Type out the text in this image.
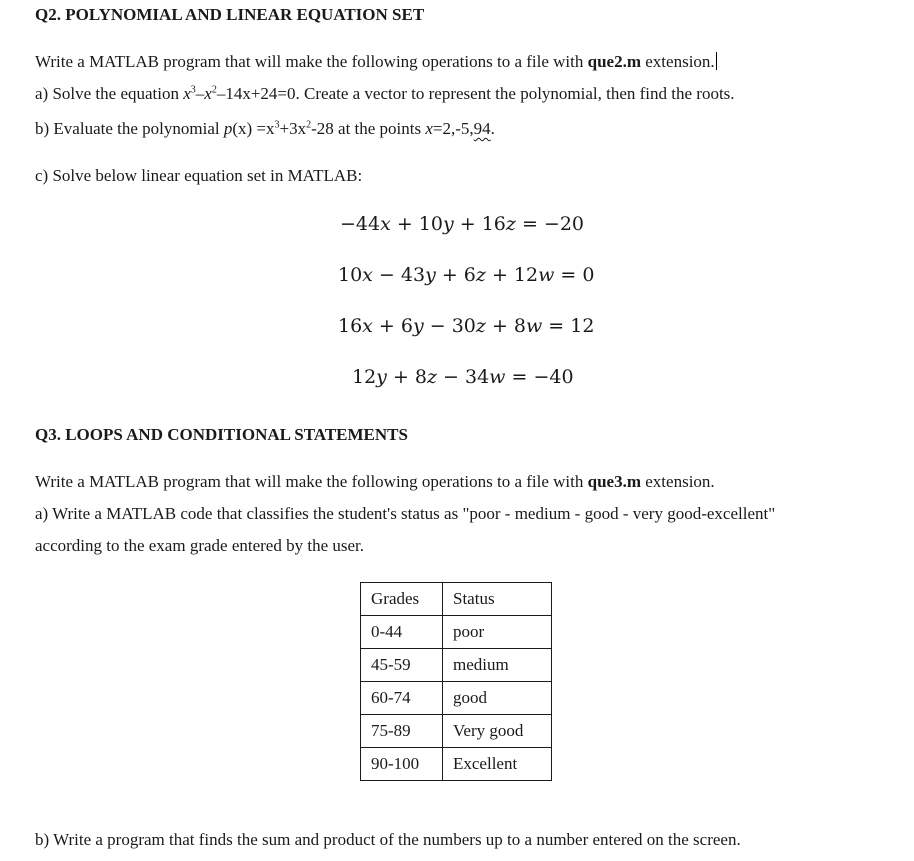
Q2. POLYNOMIAL AND LINEAR EQUATION SET
Write a MATLAB program that will make the following operations to a file with que2.m extension.
a) Solve the equation $x^3-x^2-14x+24=0$. Create a vector to represent the polynomial, then find the roots.
b) Evaluate the polynomial $p(x) =x^3+3x^2-28$ at the points x=2,-5,94.
c) Solve below linear equation set in MATLAB:
−44𝑥 + 10𝑦 + 16𝑧 = −20
10𝑥 − 43𝑦 + 6𝑧 + 12𝑤 = 0
16𝑥 + 6𝑦 − 30𝑧 + 8𝑤 = 12
12𝑦 + 8𝑧 − 34𝑤 = −40
Q3. LOOPS AND CONDITIONAL STATEMENTS
Write a MATLAB program that will make the following operations to a file with que3.m extension.
a) Write a MATLAB code that classifies the student's status as "poor - medium - good - very good-excellent"
according to the exam grade entered by the user.
Grades	Status
0-44	poor
45-59	medium
60-74	good
75-89	Very good
90-100	Excellent
b) Write a program that finds the sum and product of the numbers up to a number entered on the screen.
